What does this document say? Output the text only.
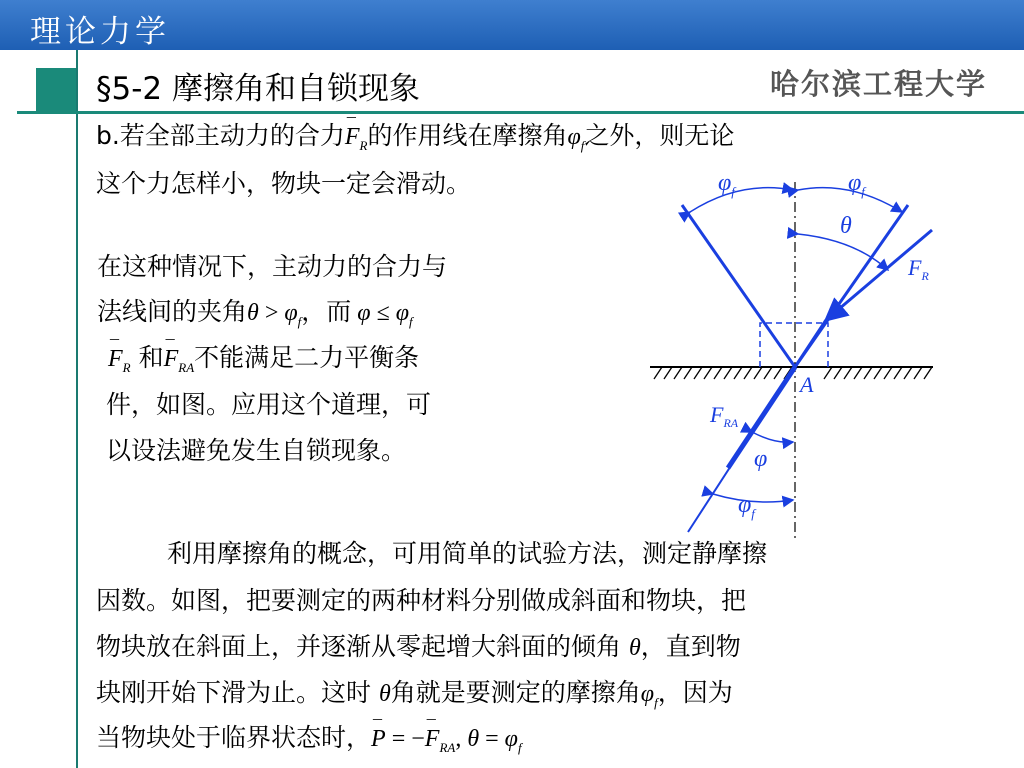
理论力学
§5-2 摩擦角和自锁现象	哈尔滨工程大学
b.若全部主动力的合力¯ $F_R$的作用线在摩擦角$\varphi_f$之外，则无论
这个力怎样小，物块一定会滑动。
在这种情况下，主动力的合力与
法线间的夹角$\theta > \varphi_f$，而 $\varphi \le \varphi_f$
¯ $F_R$ 和¯ $F_{RA}$不能满足二力平衡条
件，如图。应用这个道理，可
以设法避免发生自锁现象。
利用摩擦角的概念，可用简单的试验方法，测定静摩擦
因数。如图，把要测定的两种材料分别做成斜面和物块，把
物块放在斜面上，并逐渐从零起增大斜面的倾角 θ，直到物
块刚开始下滑为止。这时 θ角就是要测定的摩擦角$\varphi_f$，因为
当物块处于临界状态时，¯ P = −¯ $F_{RA}$, $\theta = \varphi_f$
$\varphi_f$	$\varphi_f$
θ
$F_R$
A
$F_{RA}$
φ
$\varphi_f$
